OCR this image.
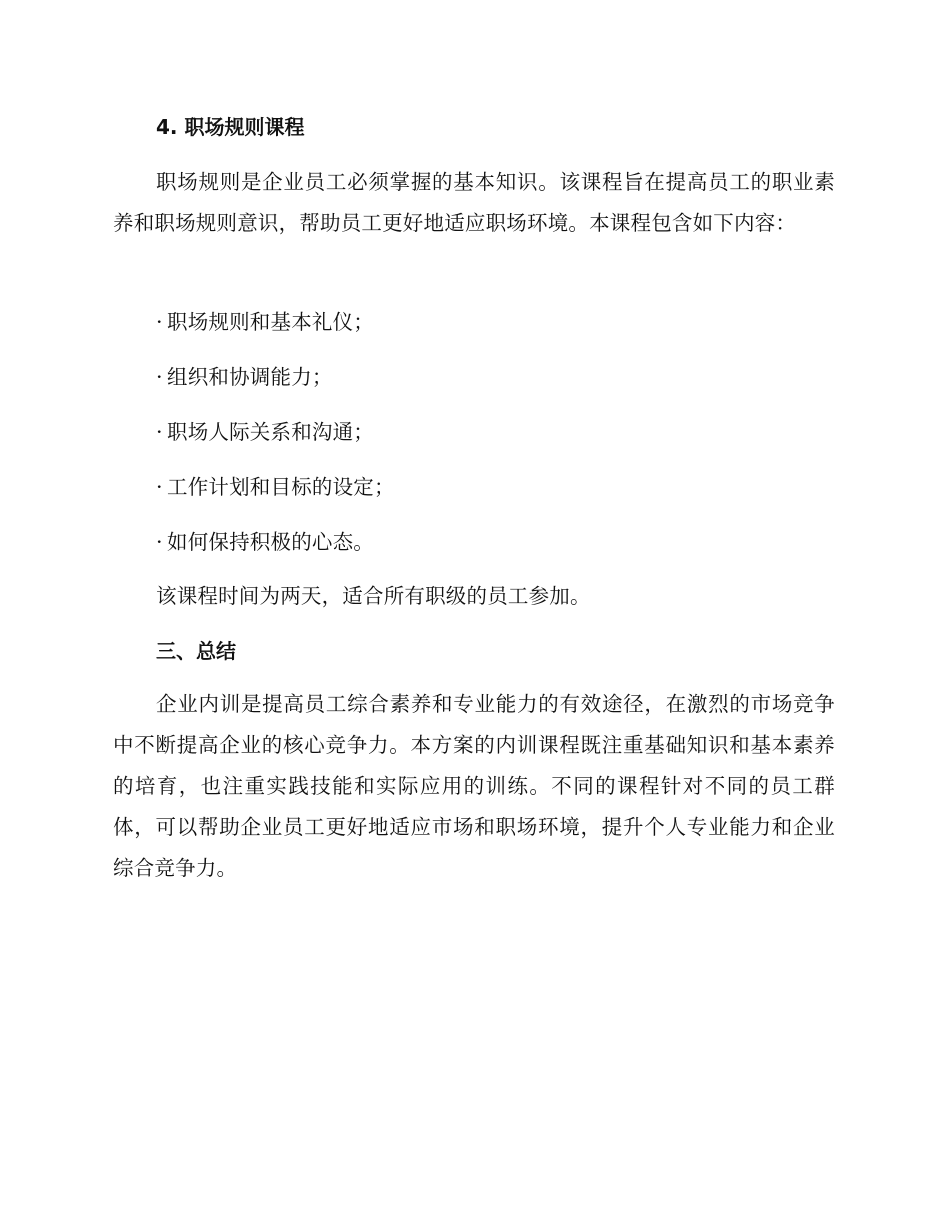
4. 职场规则课程

职场规则是企业员工必须掌握的基本知识。该课程旨在提高员工的职业素养和职场规则意识，帮助员工更好地适应职场环境。本课程包含如下内容：

· 职场规则和基本礼仪；

· 组织和协调能力；

· 职场人际关系和沟通；

· 工作计划和目标的设定；

· 如何保持积极的心态。

该课程时间为两天，适合所有职级的员工参加。

三、总结

企业内训是提高员工综合素养和专业能力的有效途径，在激烈的市场竞争中不断提高企业的核心竞争力。本方案的内训课程既注重基础知识和基本素养的培育，也注重实践技能和实际应用的训练。不同的课程针对不同的员工群体，可以帮助企业员工更好地适应市场和职场环境，提升个人专业能力和企业综合竞争力。
